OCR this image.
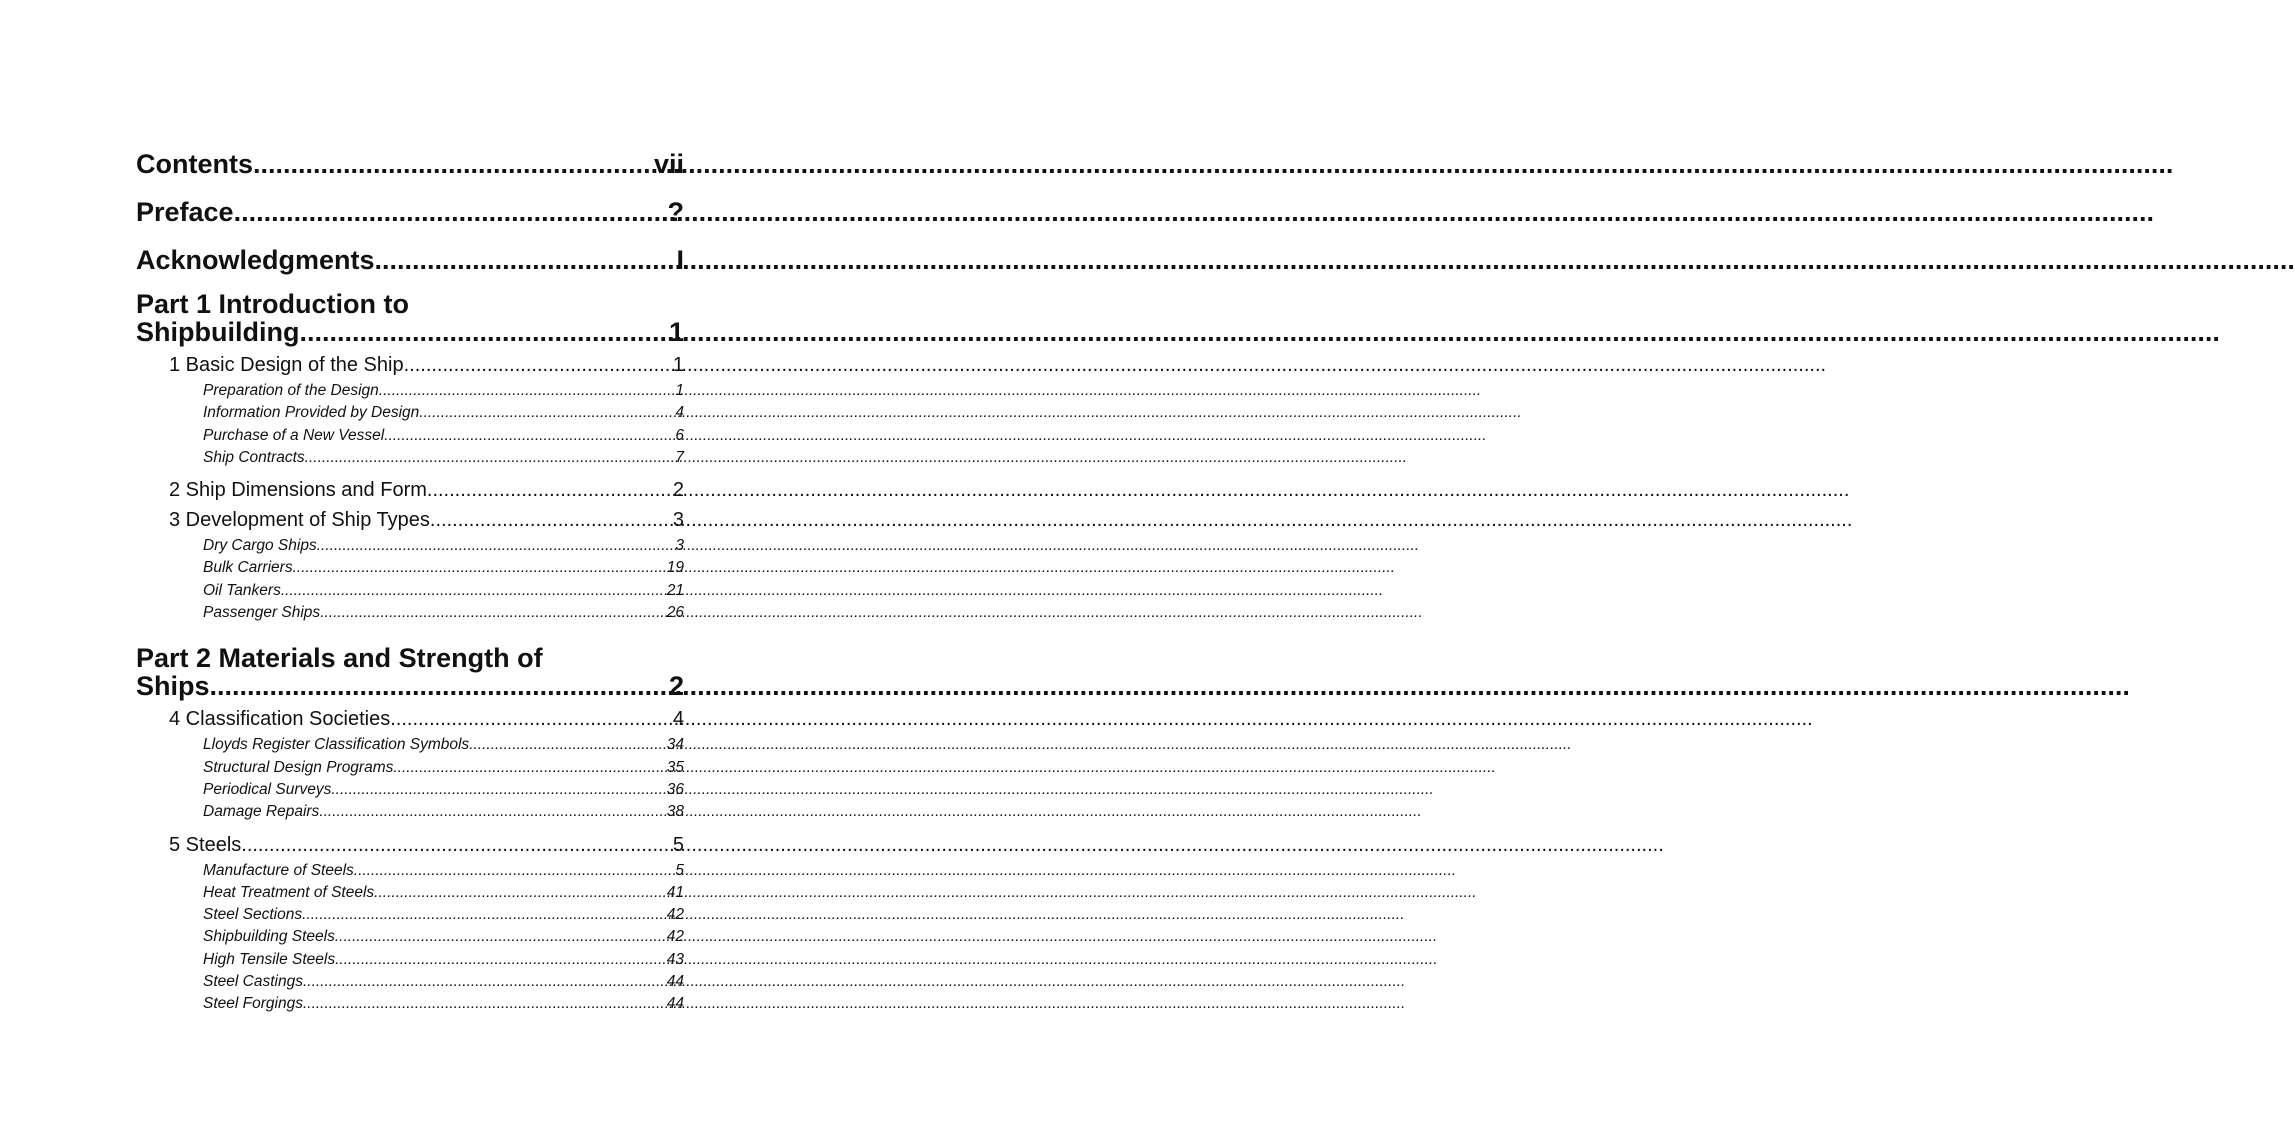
Contents .....	vii
Preface .....	?
Acknowledgments .....	I
Part 1 Introduction to
Shipbuilding .....	1
1 Basic Design of the Ship .....	1
Preparation of the Design .....	1
Information Provided by Design .....	4
Purchase of a New Vessel .....	6
Ship Contracts .....	7
2 Ship Dimensions and Form .....	2
3 Development of Ship Types .....	3
Dry Cargo Ships .....	3
Bulk Carriers .....	19
Oil Tankers .....	21
Passenger Ships .....	26
Part 2 Materials and Strength of
Ships .....	2
4 Classification Societies .....	4
Lloyds Register Classification Symbols .....	34
Structural Design Programs .....	35
Periodical Surveys .....	36
Damage Repairs .....	38
5 Steels .....	5
Manufacture of Steels .....	5
Heat Treatment of Steels .....	41
Steel Sections .....	42
Shipbuilding Steels .....	42
High Tensile Steels .....	43
Steel Castings .....	44
Steel Forgings .....	44
